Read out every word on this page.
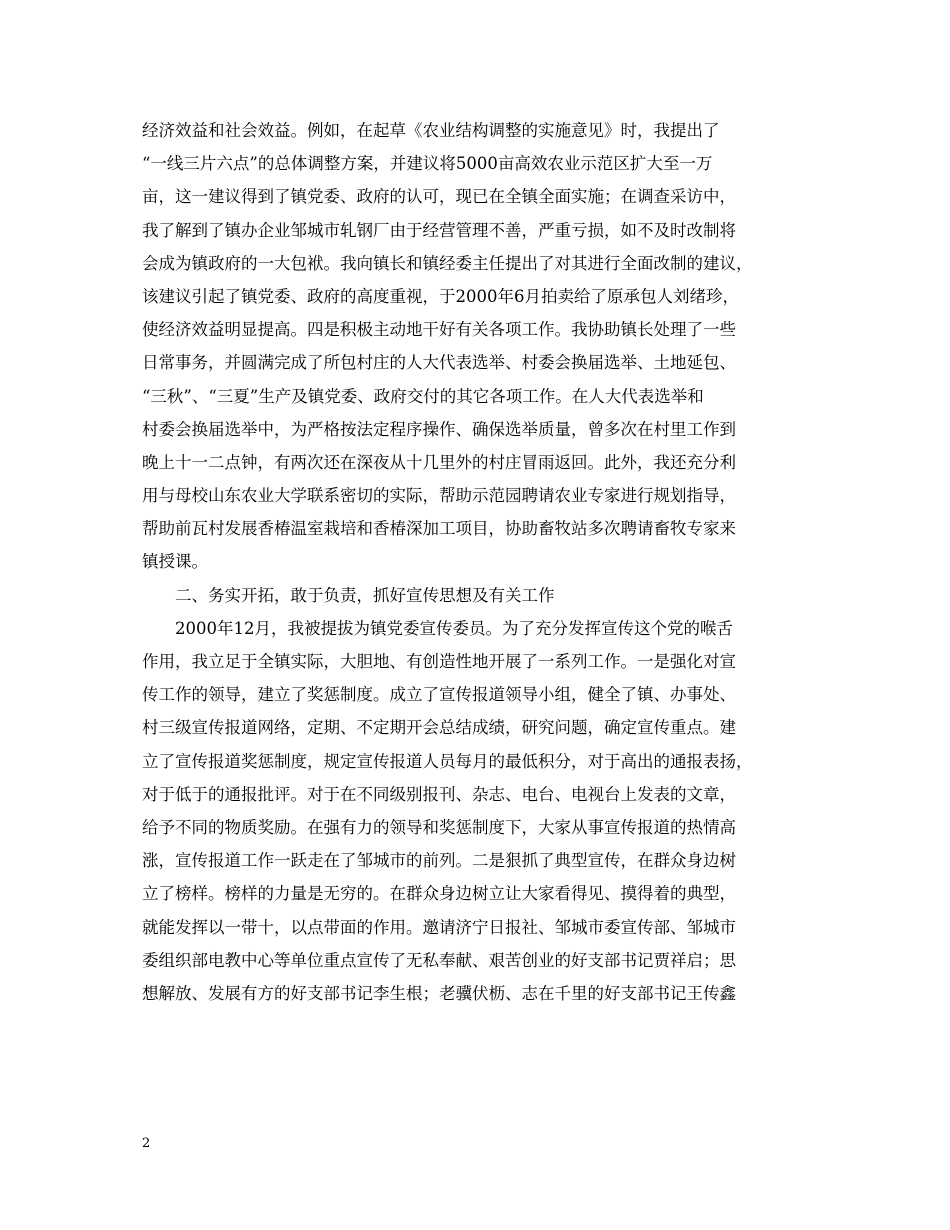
经济效益和社会效益。例如，在起草《农业结构调整的实施意见》时，我提出了
“一线三片六点”的总体调整方案，并建议将5000亩高效农业示范区扩大至一万
亩，这一建议得到了镇党委、政府的认可，现已在全镇全面实施；在调查采访中，
我了解到了镇办企业邹城市轧钢厂由于经营管理不善，严重亏损，如不及时改制将
会成为镇政府的一大包袱。我向镇长和镇经委主任提出了对其进行全面改制的建议，
该建议引起了镇党委、政府的高度重视，于2000年6月拍卖给了原承包人刘绪珍，
使经济效益明显提高。四是积极主动地干好有关各项工作。我协助镇长处理了一些
日常事务，并圆满完成了所包村庄的人大代表选举、村委会换届选举、土地延包、
“三秋”、“三夏”生产及镇党委、政府交付的其它各项工作。在人大代表选举和
村委会换届选举中，为严格按法定程序操作、确保选举质量，曾多次在村里工作到
晚上十一二点钟，有两次还在深夜从十几里外的村庄冒雨返回。此外，我还充分利
用与母校山东农业大学联系密切的实际，帮助示范园聘请农业专家进行规划指导，
帮助前瓦村发展香椿温室栽培和香椿深加工项目，协助畜牧站多次聘请畜牧专家来
镇授课。
二、务实开拓，敢于负责，抓好宣传思想及有关工作
2000年12月，我被提拔为镇党委宣传委员。为了充分发挥宣传这个党的喉舌
作用，我立足于全镇实际，大胆地、有创造性地开展了一系列工作。一是强化对宣
传工作的领导，建立了奖惩制度。成立了宣传报道领导小组，健全了镇、办事处、
村三级宣传报道网络，定期、不定期开会总结成绩，研究问题，确定宣传重点。建
立了宣传报道奖惩制度，规定宣传报道人员每月的最低积分，对于高出的通报表扬，
对于低于的通报批评。对于在不同级别报刊、杂志、电台、电视台上发表的文章，
给予不同的物质奖励。在强有力的领导和奖惩制度下，大家从事宣传报道的热情高
涨，宣传报道工作一跃走在了邹城市的前列。二是狠抓了典型宣传，在群众身边树
立了榜样。榜样的力量是无穷的。在群众身边树立让大家看得见、摸得着的典型，
就能发挥以一带十，以点带面的作用。邀请济宁日报社、邹城市委宣传部、邹城市
委组织部电教中心等单位重点宣传了无私奉献、艰苦创业的好支部书记贾祥启；思
想解放、发展有方的好支部书记李生根；老骥伏枥、志在千里的好支部书记王传鑫
2
